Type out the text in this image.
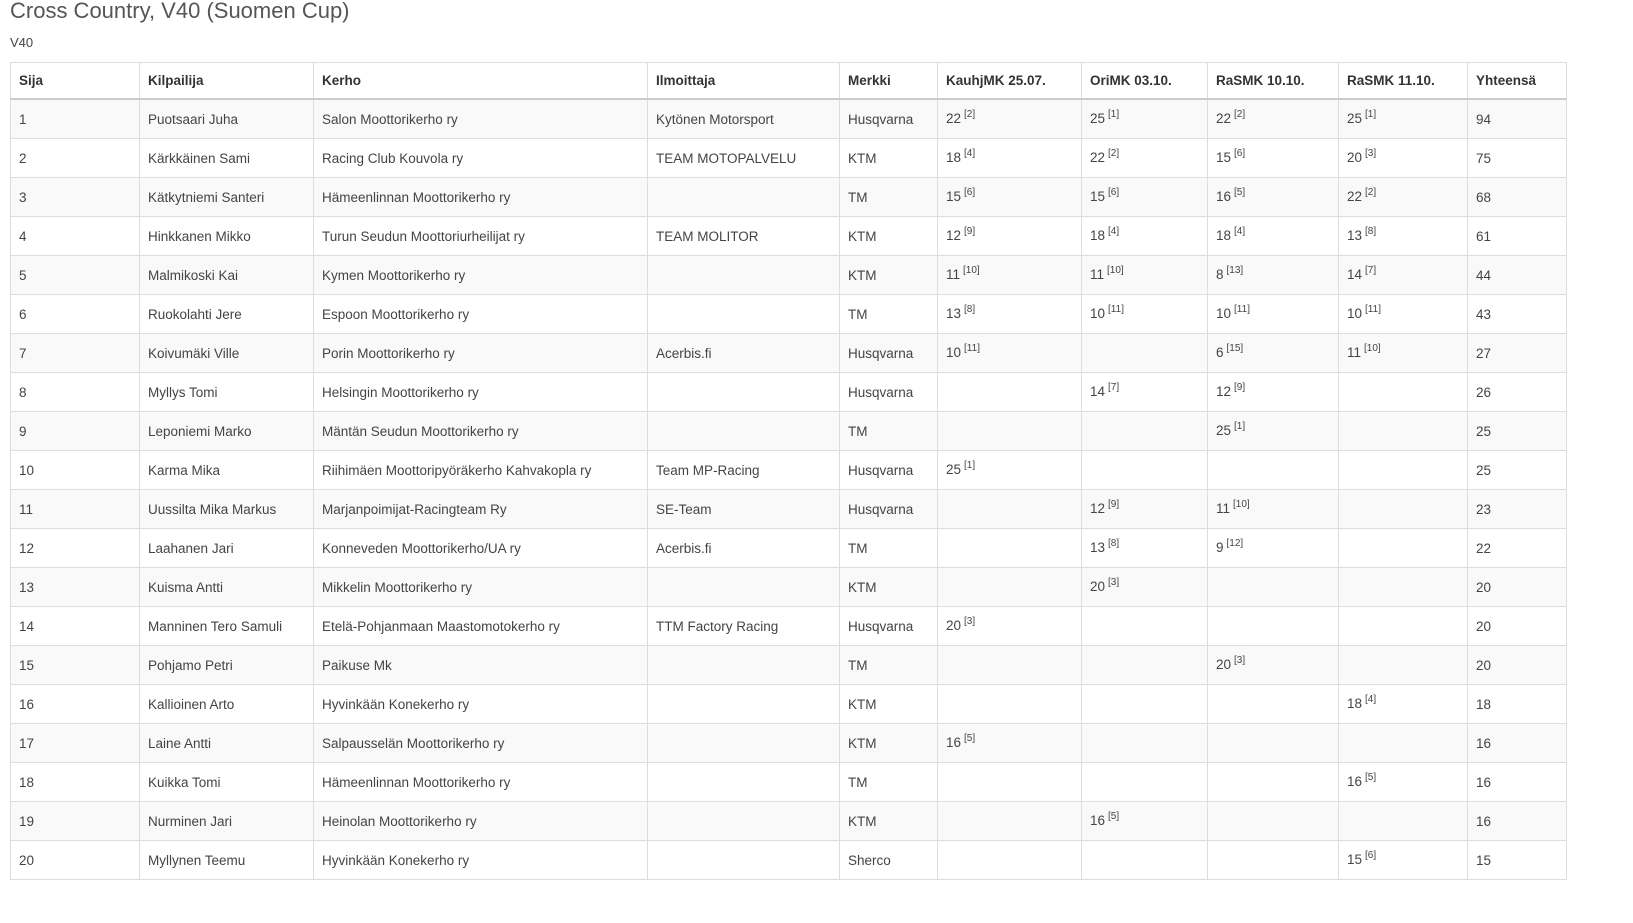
Cross Country, V40 (Suomen Cup)
V40
Sija	Kilpailija	Kerho	Ilmoittaja	Merkki	KauhjMK 25.07.	OriMK 03.10.	RaSMK 10.10.	RaSMK 11.10.	Yhteensä
1	Puotsaari Juha	Salon Moottorikerho ry	Kytönen Motorsport	Husqvarna	22 [2]	25 [1]	22 [2]	25 [1]	94
2	Kärkkäinen Sami	Racing Club Kouvola ry	TEAM MOTOPALVELU	KTM	18 [4]	22 [2]	15 [6]	20 [3]	75
3	Kätkytniemi Santeri	Hämeenlinnan Moottorikerho ry		TM	15 [6]	15 [6]	16 [5]	22 [2]	68
4	Hinkkanen Mikko	Turun Seudun Moottoriurheilijat ry	TEAM MOLITOR	KTM	12 [9]	18 [4]	18 [4]	13 [8]	61
5	Malmikoski Kai	Kymen Moottorikerho ry		KTM	11 [10]	11 [10]	8 [13]	14 [7]	44
6	Ruokolahti Jere	Espoon Moottorikerho ry		TM	13 [8]	10 [11]	10 [11]	10 [11]	43
7	Koivumäki Ville	Porin Moottorikerho ry	Acerbis.fi	Husqvarna	10 [11]		6 [15]	11 [10]	27
8	Myllys Tomi	Helsingin Moottorikerho ry		Husqvarna		14 [7]	12 [9]		26
9	Leponiemi Marko	Mäntän Seudun Moottorikerho ry		TM			25 [1]		25
10	Karma Mika	Riihimäen Moottoripyöräkerho Kahvakopla ry	Team MP-Racing	Husqvarna	25 [1]				25
11	Uussilta Mika Markus	Marjanpoimijat-Racingteam Ry	SE-Team	Husqvarna		12 [9]	11 [10]		23
12	Laahanen Jari	Konneveden Moottorikerho/UA ry	Acerbis.fi	TM		13 [8]	9 [12]		22
13	Kuisma Antti	Mikkelin Moottorikerho ry		KTM		20 [3]			20
14	Manninen Tero Samuli	Etelä-Pohjanmaan Maastomotokerho ry	TTM Factory Racing	Husqvarna	20 [3]				20
15	Pohjamo Petri	Paikuse Mk		TM			20 [3]		20
16	Kallioinen Arto	Hyvinkään Konekerho ry		KTM				18 [4]	18
17	Laine Antti	Salpausselän Moottorikerho ry		KTM	16 [5]				16
18	Kuikka Tomi	Hämeenlinnan Moottorikerho ry		TM				16 [5]	16
19	Nurminen Jari	Heinolan Moottorikerho ry		KTM		16 [5]			16
20	Myllynen Teemu	Hyvinkään Konekerho ry		Sherco				15 [6]	15
